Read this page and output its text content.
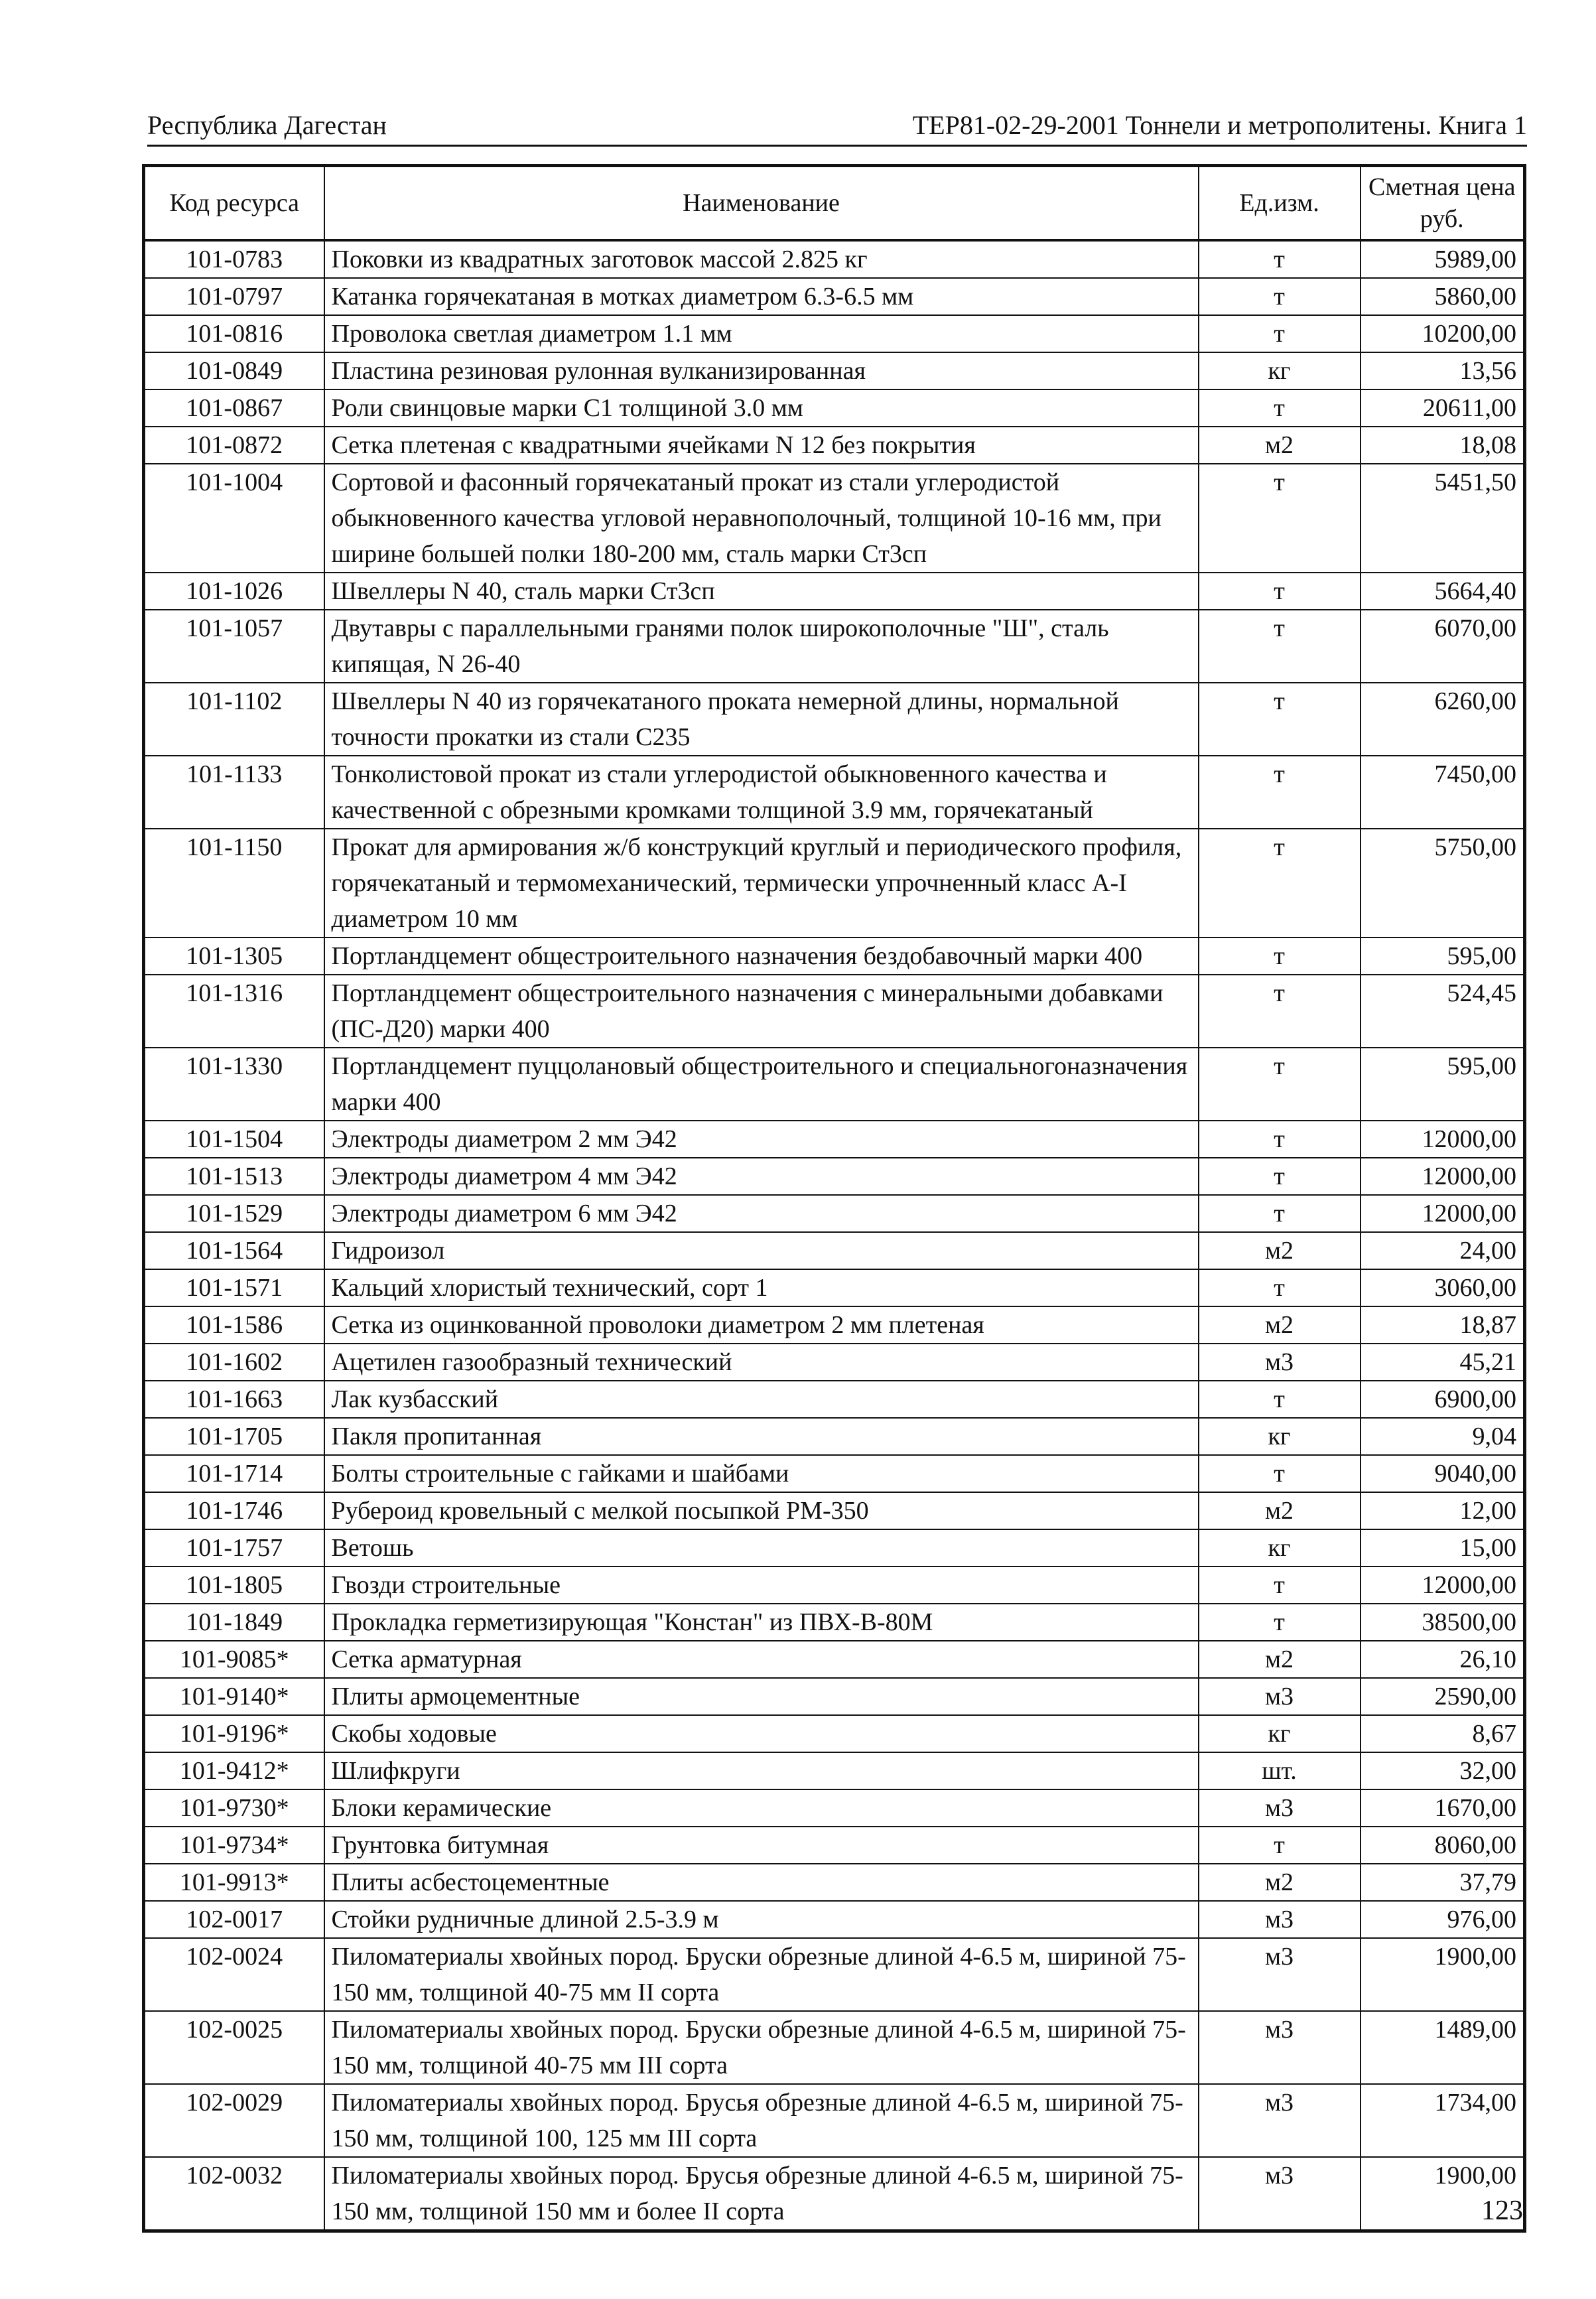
Республика Дагестан	ТЕР81-02-29-2001 Тоннели и метрополитены. Книга 1
Код ресурса	Наименование	Ед.изм.	Сметная цена руб.
101-0783	Поковки из квадратных заготовок массой 2.825 кг	т	5989,00
101-0797	Катанка горячекатаная в мотках диаметром 6.3-6.5 мм	т	5860,00
101-0816	Проволока светлая диаметром 1.1 мм	т	10200,00
101-0849	Пластина резиновая рулонная вулканизированная	кг	13,56
101-0867	Роли свинцовые марки С1 толщиной 3.0 мм	т	20611,00
101-0872	Сетка плетеная с квадратными ячейками N 12 без покрытия	м2	18,08
101-1004	Сортовой и фасонный горячекатаный прокат из стали углеродистой обыкновенного качества угловой неравнополочный, толщиной 10-16 мм, при ширине большей полки 180-200 мм, сталь марки Ст3сп	т	5451,50
101-1026	Швеллеры N 40, сталь марки Ст3сп	т	5664,40
101-1057	Двутавры с параллельными гранями полок широкополочные "Ш", сталь кипящая, N 26-40	т	6070,00
101-1102	Швеллеры N 40 из горячекатаного проката немерной длины, нормальной точности прокатки из стали С235	т	6260,00
101-1133	Тонколистовой прокат из стали углеродистой обыкновенного качества и качественной с обрезными кромками толщиной 3.9 мм, горячекатаный	т	7450,00
101-1150	Прокат для армирования ж/б конструкций круглый и периодического профиля, горячекатаный и термомеханический, термически упрочненный класс А-I диаметром 10 мм	т	5750,00
101-1305	Портландцемент общестроительного назначения бездобавочный марки 400	т	595,00
101-1316	Портландцемент общестроительного назначения с минеральными добавками (ПС-Д20) марки 400	т	524,45
101-1330	Портландцемент пуццолановый общестроительного и специальногоназначения марки 400	т	595,00
101-1504	Электроды диаметром 2 мм Э42	т	12000,00
101-1513	Электроды диаметром 4 мм Э42	т	12000,00
101-1529	Электроды диаметром 6 мм Э42	т	12000,00
101-1564	Гидроизол	м2	24,00
101-1571	Кальций хлористый технический, сорт 1	т	3060,00
101-1586	Сетка из оцинкованной проволоки диаметром 2 мм плетеная	м2	18,87
101-1602	Ацетилен газообразный технический	м3	45,21
101-1663	Лак кузбасский	т	6900,00
101-1705	Пакля пропитанная	кг	9,04
101-1714	Болты строительные с гайками и шайбами	т	9040,00
101-1746	Рубероид кровельный с мелкой посыпкой РМ-350	м2	12,00
101-1757	Ветошь	кг	15,00
101-1805	Гвозди строительные	т	12000,00
101-1849	Прокладка герметизирующая "Констан" из ПВХ-В-80М	т	38500,00
101-9085*	Сетка арматурная	м2	26,10
101-9140*	Плиты армоцементные	м3	2590,00
101-9196*	Скобы ходовые	кг	8,67
101-9412*	Шлифкруги	шт.	32,00
101-9730*	Блоки керамические	м3	1670,00
101-9734*	Грунтовка битумная	т	8060,00
101-9913*	Плиты асбестоцементные	м2	37,79
102-0017	Стойки рудничные длиной 2.5-3.9 м	м3	976,00
102-0024	Пиломатериалы хвойных пород. Бруски обрезные длиной 4-6.5 м, шириной 75-150 мм, толщиной 40-75 мм II сорта	м3	1900,00
102-0025	Пиломатериалы хвойных пород. Бруски обрезные длиной 4-6.5 м, шириной 75-150 мм, толщиной 40-75 мм III сорта	м3	1489,00
102-0029	Пиломатериалы хвойных пород. Брусья обрезные длиной 4-6.5 м, шириной 75-150 мм, толщиной 100, 125 мм III сорта	м3	1734,00
102-0032	Пиломатериалы хвойных пород. Брусья обрезные длиной 4-6.5 м, шириной 75-150 мм, толщиной 150 мм и более II сорта	м3	1900,00
123
